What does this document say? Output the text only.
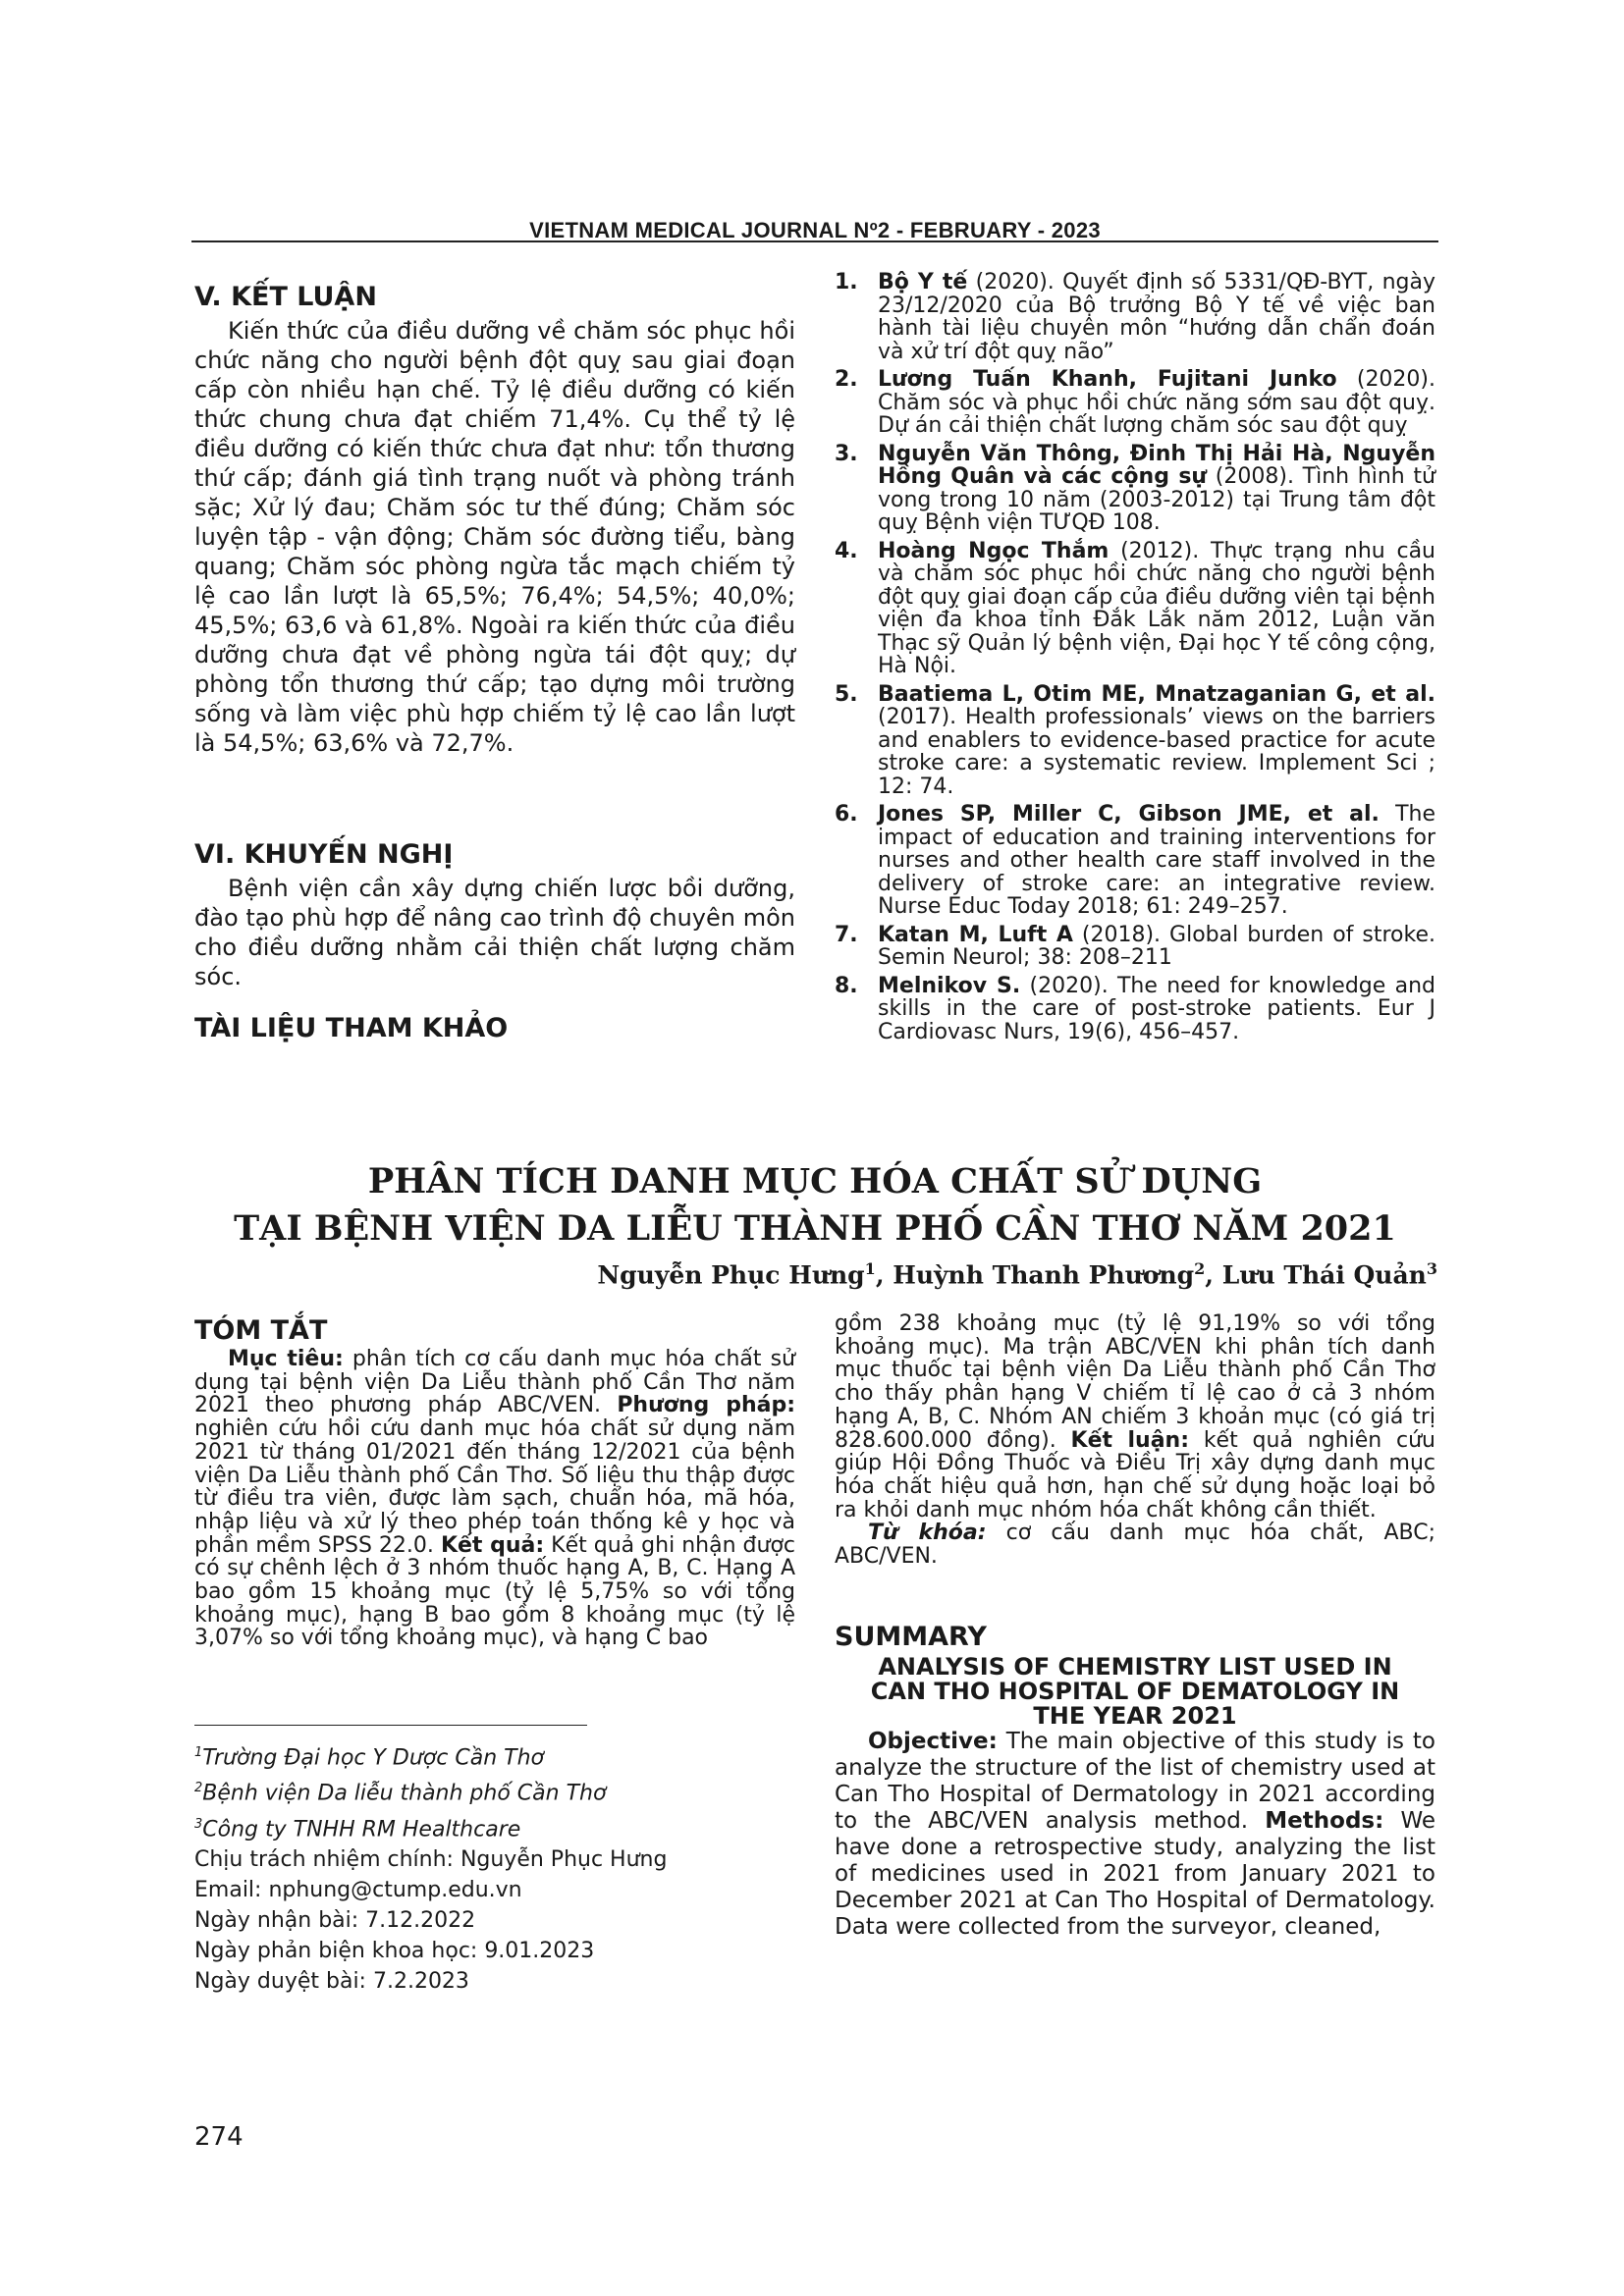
VIETNAM MEDICAL JOURNAL Nº2 - FEBRUARY - 2023
V. KẾT LUẬN

Kiến thức của điều dưỡng về chăm sóc phục hồi chức năng cho người bệnh đột quỵ sau giai đoạn cấp còn nhiều hạn chế. Tỷ lệ điều dưỡng có kiến thức chung chưa đạt chiếm 71,4%. Cụ thể tỷ lệ điều dưỡng có kiến thức chưa đạt như: tổn thương thứ cấp; đánh giá tình trạng nuốt và phòng tránh sặc; Xử lý đau; Chăm sóc tư thế đúng; Chăm sóc luyện tập - vận động; Chăm sóc đường tiểu, bàng quang; Chăm sóc phòng ngừa tắc mạch chiếm tỷ lệ cao lần lượt là 65,5%; 76,4%; 54,5%; 40,0%; 45,5%; 63,6 và 61,8%. Ngoài ra kiến thức của điều dưỡng chưa đạt về phòng ngừa tái đột quỵ; dự phòng tổn thương thứ cấp; tạo dựng môi trường sống và làm việc phù hợp chiếm tỷ lệ cao lần lượt là 54,5%; 63,6% và 72,7%.

VI. KHUYẾN NGHỊ

Bệnh viện cần xây dựng chiến lược bồi dưỡng, đào tạo phù hợp để nâng cao trình độ chuyên môn cho điều dưỡng nhằm cải thiện chất lượng chăm sóc.

TÀI LIỆU THAM KHẢO
1. Bộ Y tế (2020). Quyết định số 5331/QĐ-BYT, ngày 23/12/2020 của Bộ trưởng Bộ Y tế về việc ban hành tài liệu chuyên môn “hướng dẫn chẩn đoán và xử trí đột quỵ não”
2. Lương Tuấn Khanh, Fujitani Junko (2020). Chăm sóc và phục hồi chức năng sớm sau đột quỵ. Dự án cải thiện chất lượng chăm sóc sau đột quỵ
3. Nguyễn Văn Thông, Đinh Thị Hải Hà, Nguyễn Hồng Quân và các cộng sự (2008). Tình hình tử vong trong 10 năm (2003-2012) tại Trung tâm đột quỵ Bệnh viện TƯQĐ 108.
4. Hoàng Ngọc Thắm (2012). Thực trạng nhu cầu và chăm sóc phục hồi chức năng cho người bệnh đột quỵ giai đoạn cấp của điều dưỡng viên tại bệnh viện đa khoa tỉnh Đắk Lắk năm 2012, Luận văn Thạc sỹ Quản lý bệnh viện, Đại học Y tế công cộng, Hà Nội.
5. Baatiema L, Otim ME, Mnatzaganian G, et al. (2017). Health professionals’ views on the barriers and enablers to evidence-based practice for acute stroke care: a systematic review. Implement Sci ; 12: 74.
6. Jones SP, Miller C, Gibson JME, et al. The impact of education and training interventions for nurses and other health care staff involved in the delivery of stroke care: an integrative review. Nurse Educ Today 2018; 61: 249–257.
7. Katan M, Luft A (2018). Global burden of stroke. Semin Neurol; 38: 208–211
8. Melnikov S. (2020). The need for knowledge and skills in the care of post-stroke patients. Eur J Cardiovasc Nurs, 19(6), 456–457.
PHÂN TÍCH DANH MỤC HÓA CHẤT SỬ DỤNG
TẠI BỆNH VIỆN DA LIỄU THÀNH PHỐ CẦN THƠ NĂM 2021
Nguyễn Phục Hưng$^1$, Huỳnh Thanh Phương$^2$, Lưu Thái Quản$^3$
TÓM TẮT

Mục tiêu: phân tích cơ cấu danh mục hóa chất sử dụng tại bệnh viện Da Liễu thành phố Cần Thơ năm 2021 theo phương pháp ABC/VEN. Phương pháp: nghiên cứu hồi cứu danh mục hóa chất sử dụng năm 2021 từ tháng 01/2021 đến tháng 12/2021 của bệnh viện Da Liễu thành phố Cần Thơ. Số liệu thu thập được từ điều tra viên, được làm sạch, chuẩn hóa, mã hóa, nhập liệu và xử lý theo phép toán thống kê y học và phần mềm SPSS 22.0. Kết quả: Kết quả ghi nhận được có sự chênh lệch ở 3 nhóm thuốc hạng A, B, C. Hạng A bao gồm 15 khoảng mục (tỷ lệ 5,75% so với tổng khoảng mục), hạng B bao gồm 8 khoảng mục (tỷ lệ 3,07% so với tổng khoảng mục), và hạng C bao

gồm 238 khoảng mục (tỷ lệ 91,19% so với tổng khoảng mục). Ma trận ABC/VEN khi phân tích danh mục thuốc tại bệnh viện Da Liễu thành phố Cần Thơ cho thấy phân hạng V chiếm tỉ lệ cao ở cả 3 nhóm hạng A, B, C. Nhóm AN chiếm 3 khoản mục (có giá trị 828.600.000 đồng). Kết luận: kết quả nghiên cứu giúp Hội Đồng Thuốc và Điều Trị xây dựng danh mục hóa chất hiệu quả hơn, hạn chế sử dụng hoặc loại bỏ ra khỏi danh mục nhóm hóa chất không cần thiết.

Từ khóa: cơ cấu danh mục hóa chất, ABC; ABC/VEN.

SUMMARY
ANALYSIS OF CHEMISTRY LIST USED IN
CAN THO HOSPITAL OF DEMATOLOGY IN
THE YEAR 2021

Objective: The main objective of this study is to analyze the structure of the list of chemistry used at Can Tho Hospital of Dermatology in 2021 according to the ABC/VEN analysis method. Methods: We have done a retrospective study, analyzing the list of medicines used in 2021 from January 2021 to December 2021 at Can Tho Hospital of Dermatology. Data were collected from the surveyor, cleaned,

$^1$Trường Đại học Y Dược Cần Thơ
$^2$Bệnh viện Da liễu thành phố Cần Thơ
$^3$Công ty TNHH RM Healthcare
Chịu trách nhiệm chính: Nguyễn Phục Hưng
Email: nphung@ctump.edu.vn
Ngày nhận bài: 7.12.2022
Ngày phản biện khoa học: 9.01.2023
Ngày duyệt bài: 7.2.2023
274
